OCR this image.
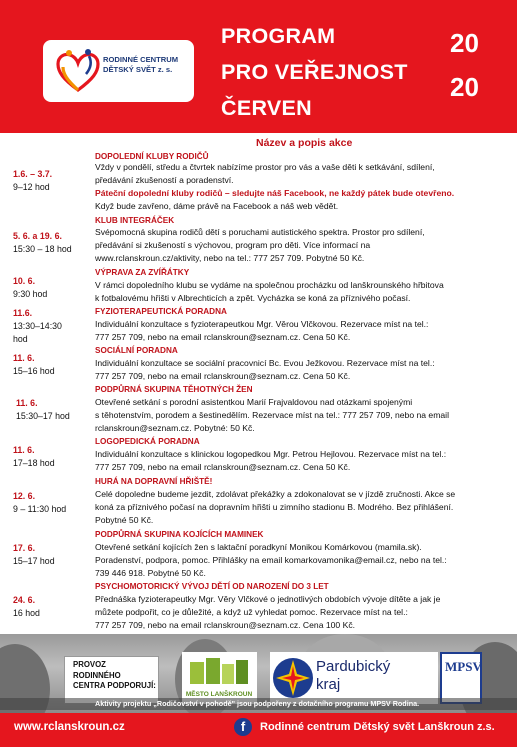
RODINNÉ CENTRUM DĚTSKÝ SVĚT z. s.
PROGRAM
PRO VEŘEJNOST
ČERVEN
20
20
Název a popis akce
DOPOLEDNÍ KLUBY RODIČŮ
1.6. – 3.7.
9–12 hod
Vždy v pondělí, středu a čtvrtek nabízíme prostor pro vás a vaše děti k setkávání, sdílení,
předávání zkušeností a poradenství.
Páteční dopolední kluby rodičů – sledujte náš Facebook, ne každý pátek bude otevřeno.
Když bude zavřeno, dáme právě na Facebook a náš web vědět.
KLUB INTEGRÁČEK
5. 6. a 19. 6.
15:30 – 18 hod
Svépomocná skupina rodičů dětí s poruchami autistického spektra. Prostor pro sdílení,
předávání si zkušeností s výchovou, program pro děti. Více informací na
www.rclanskroun.cz/aktivity, nebo na tel.: 777 257 709. Pobytné 50 Kč.
VÝPRAVA ZA ZVÍŘÁTKY
10. 6.
9:30 hod
V rámci dopoledního klubu se vydáme na společnou procházku od lanškrounského hřbitova
k fotbalovému hřišti v Albrechticích a zpět. Vycházka se koná za příznivého počasí.
FYZIOTERAPEUTICKÁ PORADNA
11.6.
13:30–14:30
hod
Individuální konzultace s fyzioterapeutkou Mgr. Věrou Vlčkovou. Rezervace míst na tel.:
777 257 709, nebo na email rclanskroun@seznam.cz. Cena 50 Kč.
SOCIÁLNÍ PORADNA
11. 6.
15–16 hod
Individuální konzultace se sociální pracovnicí Bc. Evou Ježkovou. Rezervace míst na tel.:
777 257 709, nebo na email rclanskroun@seznam.cz. Cena 50 Kč.
PODPŮRNÁ SKUPINA TĚHOTNÝCH ŽEN
11. 6.
15:30–17 hod
Otevřené setkání s porodní asistentkou Marií Frajvaldovou nad otázkami spojenými
s těhotenstvím, porodem a šestinedělím. Rezervace míst na tel.: 777 257 709, nebo na email
rclanskroun@seznam.cz. Pobytné: 50 Kč.
LOGOPEDICKÁ PORADNA
11. 6.
17–18 hod
Individuální konzultace s klinickou logopedkou Mgr. Petrou Hejlovou. Rezervace míst na tel.:
777 257 709, nebo na email rclanskroun@seznam.cz. Cena 50 Kč.
HURÁ NA DOPRAVNÍ HŘIŠTĚ!
12. 6.
9 – 11:30 hod
Celé dopoledne budeme jezdit, zdolávat překážky a zdokonalovat se v jízdě zručnosti. Akce se
koná za příznivého počasí na dopravním hřišti u zimního stadionu B. Modrého. Bez přihlášení.
Pobytné 50 Kč.
PODPŮRNÁ SKUPINA KOJÍCÍCH MAMINEK
17. 6.
15–17 hod
Otevřené setkání kojících žen s laktační poradkyní Monikou Komárkovou (mamila.sk).
Poradenství, podpora, pomoc. Přihlášky na email komarkovamonika@email.cz, nebo na tel.:
739 446 918. Pobytné 50 Kč.
PSYCHOMOTORICKÝ VÝVOJ DĚTÍ OD NAROZENÍ DO 3 LET
24. 6.
16 hod
Přednáška fyzioterapeutky Mgr. Věry Vlčkové o jednotlivých obdobích vývoje dítěte a jak je
můžete podpořit, co je důležité, a když už vyhledat pomoc. Rezervace míst na tel.:
777 257 709, nebo na email rclanskroun@seznam.cz. Cena 100 Kč.
PROVOZ
RODINNÉHO
CENTRA PODPORUJÍ:
MĚSTO LANŠKROUN
Pardubický
kraj
MPSV
Aktivity projektu „Rodičovství v pohodě" jsou podpořeny z dotačního programu MPSV Rodina.
www.rclanskroun.cz	f	Rodinné centrum Dětský svět Lanškroun z.s.
